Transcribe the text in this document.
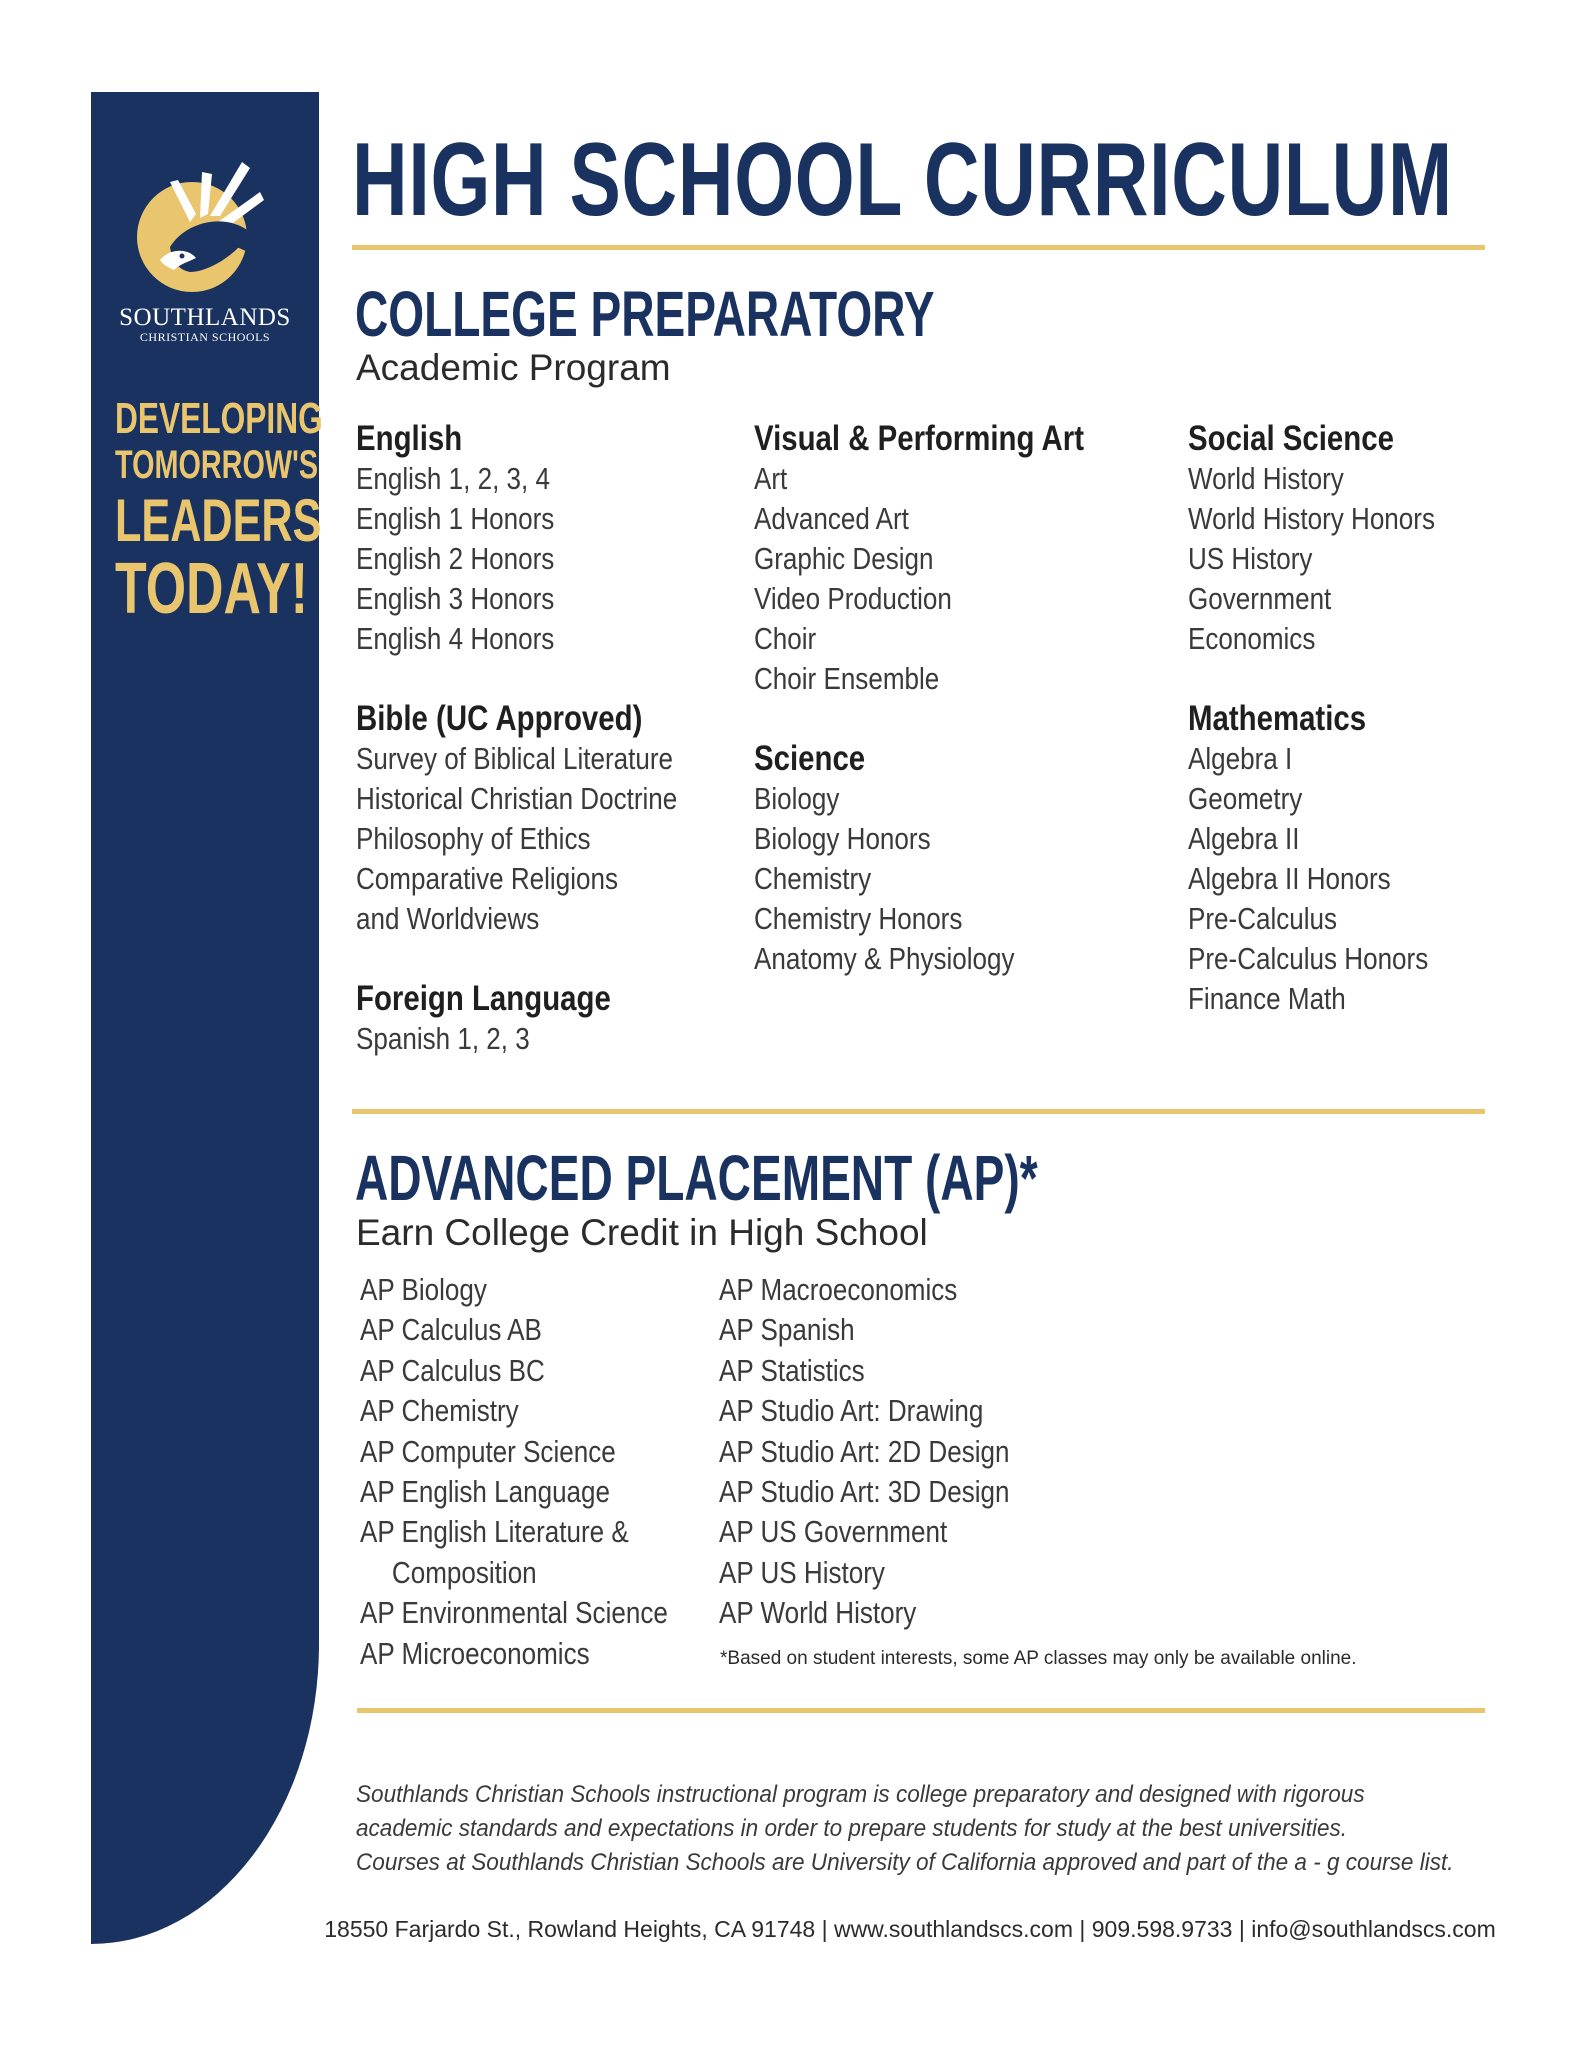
SOUTHLANDS
CHRISTIAN SCHOOLS
DEVELOPING
TOMORROW'S
LEADERS
TODAY!
HIGH SCHOOL CURRICULUM
COLLEGE PREPARATORY
Academic Program
English
English 1, 2, 3, 4
English 1 Honors
English 2 Honors
English 3 Honors
English 4 Honors
Bible (UC Approved)
Survey of Biblical Literature
Historical Christian Doctrine
Philosophy of Ethics
Comparative Religions
and Worldviews
Foreign Language
Spanish 1, 2, 3
Visual & Performing Art
Art
Advanced Art
Graphic Design
Video Production
Choir
Choir Ensemble
Science
Biology
Biology Honors
Chemistry
Chemistry Honors
Anatomy & Physiology
Social Science
World History
World History Honors
US History
Government
Economics
Mathematics
Algebra I
Geometry
Algebra II
Algebra II Honors
Pre-Calculus
Pre-Calculus Honors
Finance Math
ADVANCED PLACEMENT (AP)*
Earn College Credit in High School
AP Biology
AP Calculus AB
AP Calculus BC
AP Chemistry
AP Computer Science
AP English Language
AP English Literature &
Composition
AP Environmental Science
AP Microeconomics
AP Macroeconomics
AP Spanish
AP Statistics
AP Studio Art: Drawing
AP Studio Art: 2D Design
AP Studio Art: 3D Design
AP US Government
AP US History
AP World History
*Based on student interests, some AP classes may only be available online.
Southlands Christian Schools instructional program is college preparatory and designed with rigorous
academic standards and expectations in order to prepare students for study at the best universities.
Courses at Southlands Christian Schools are University of California approved and part of the a - g course list.
18550 Farjardo St., Rowland Heights, CA 91748 | www.southlandscs.com | 909.598.9733 | info@southlandscs.com
